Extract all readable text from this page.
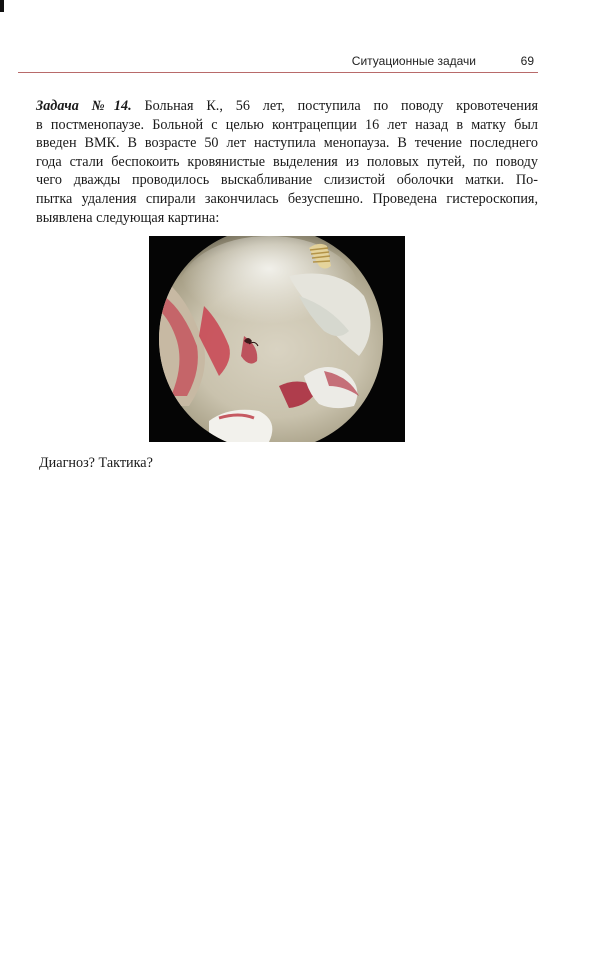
Ситуационные задачи	69
Задача №14. Больная К., 56 лет, поступила по поводу кровотечения
в постменопаузе. Больной с целью контрацепции 16 лет назад в матку был
введен ВМК. В возрасте 50 лет наступила менопауза. В течение последнего
года стали беспокоить кровянистые выделения из половых путей, по поводу
чего дважды проводилось выскабливание слизистой оболочки матки. По-
пытка удаления спирали закончилась безуспешно. Проведена гистероскопия,
выявлена следующая картина:
Диагноз? Тактика?
